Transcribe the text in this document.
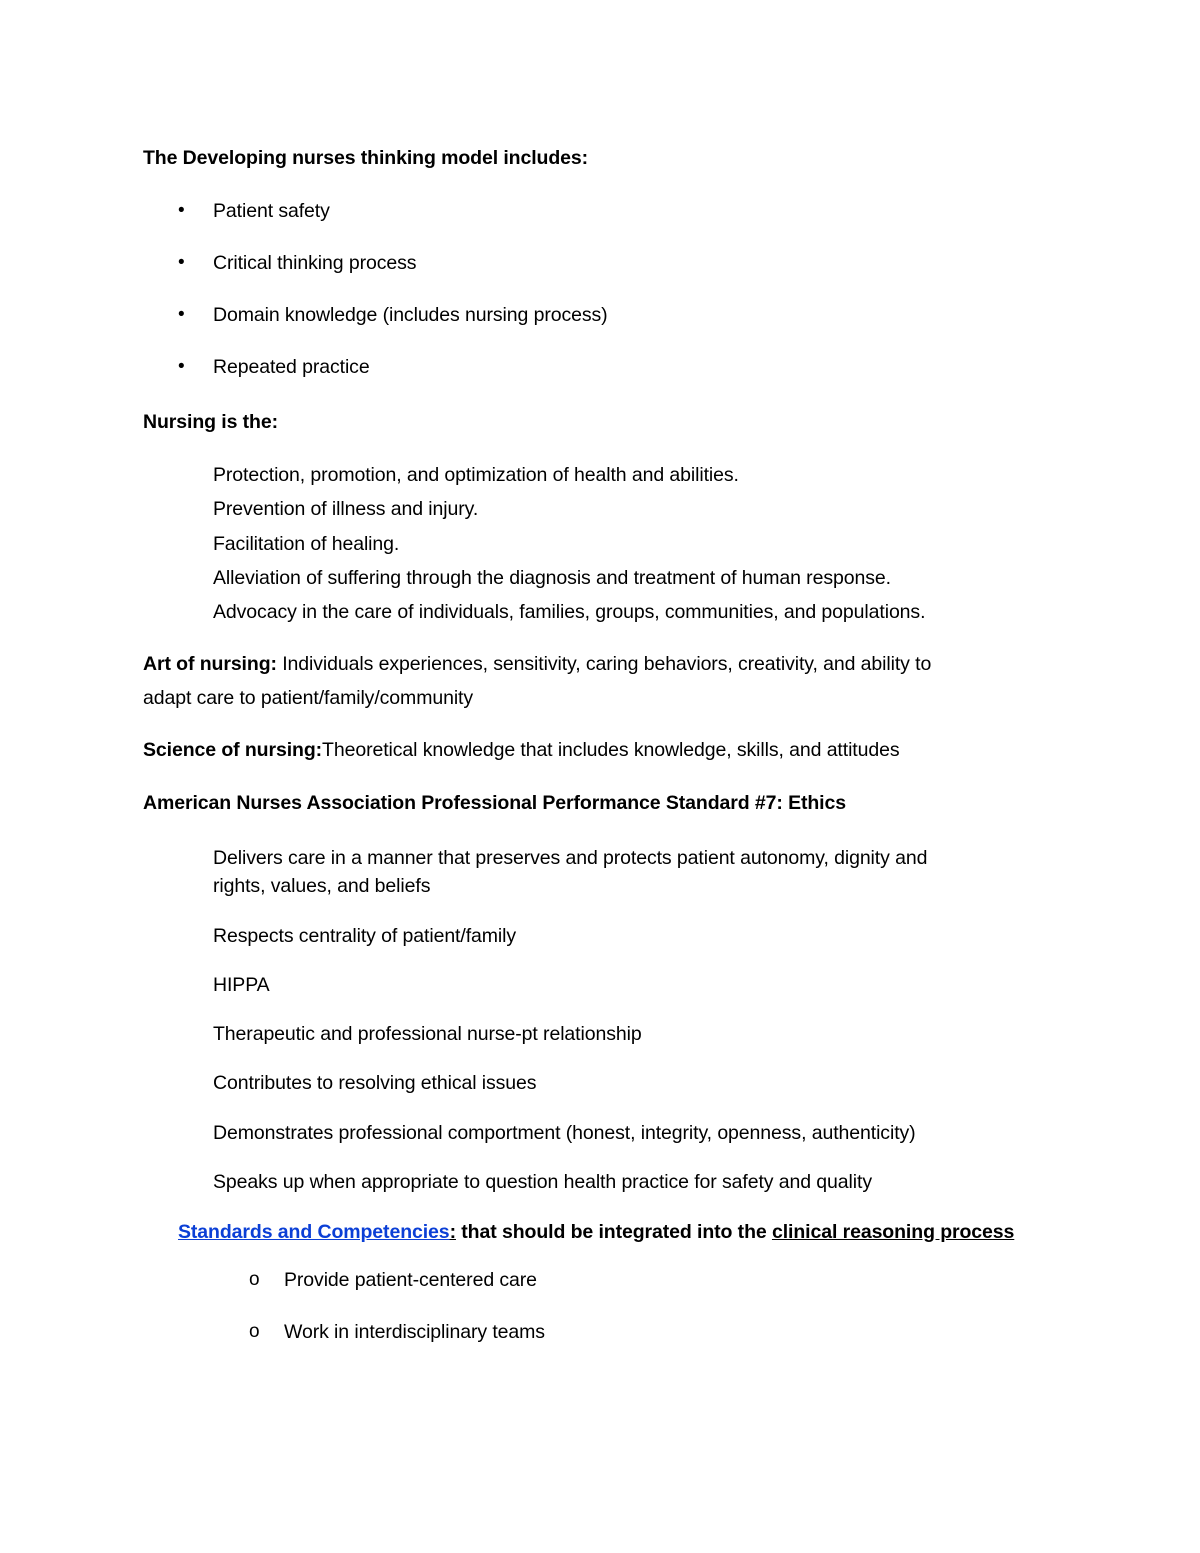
The Developing nurses thinking model includes:
• Patient safety
• Critical thinking process
• Domain knowledge (includes nursing process)
• Repeated practice
Nursing is the:
Protection, promotion, and optimization of health and abilities.
Prevention of illness and injury.
Facilitation of healing.
Alleviation of suffering through the diagnosis and treatment of human response.
Advocacy in the care of individuals, families, groups, communities, and populations.
Art of nursing: Individuals experiences, sensitivity, caring behaviors, creativity, and ability to
adapt care to patient/family/community
Science of nursing:Theoretical knowledge that includes knowledge, skills, and attitudes
American Nurses Association Professional Performance Standard #7: Ethics
Delivers care in a manner that preserves and protects patient autonomy, dignity and
rights, values, and beliefs
Respects centrality of patient/family
HIPPA
Therapeutic and professional nurse-pt relationship
Contributes to resolving ethical issues
Demonstrates professional comportment (honest, integrity, openness, authenticity)
Speaks up when appropriate to question health practice for safety and quality
Standards and Competencies: that should be integrated into the clinical reasoning process
o Provide patient-centered care
o Work in interdisciplinary teams
